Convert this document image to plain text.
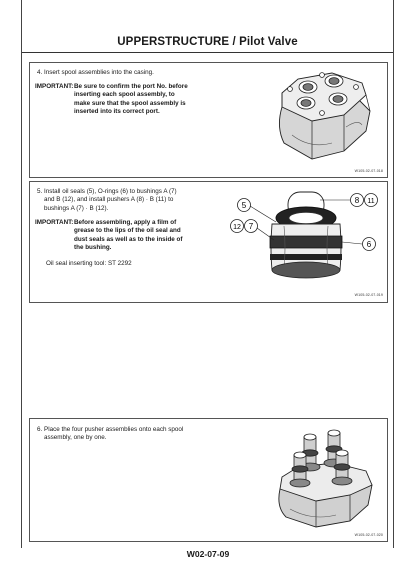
UPPERSTRUCTURE / Pilot Valve
4. Insert spool assemblies into the casing.
IMPORTANT: Be sure to confirm the port No. before
inserting each spool assembly, to
make sure that the spool assembly is
inserted into its correct port.
W105-02-07-018
5. Install oil seals (5), O-rings (6) to bushings A (7)
and B (12), and install pushers A (8) · B (11) to
bushings A (7) · B (12).
IMPORTANT: Before assembling, apply a film of
grease to the lips of the oil seal and
dust seals as well as to the inside of
the bushing.
Oil seal inserting tool: ST 2292
5
8 11
12 7
6
W105-02-07-019
6. Place the four pusher assemblies onto each spool
assembly, one by one.
W105-02-07-020
W02-07-09
